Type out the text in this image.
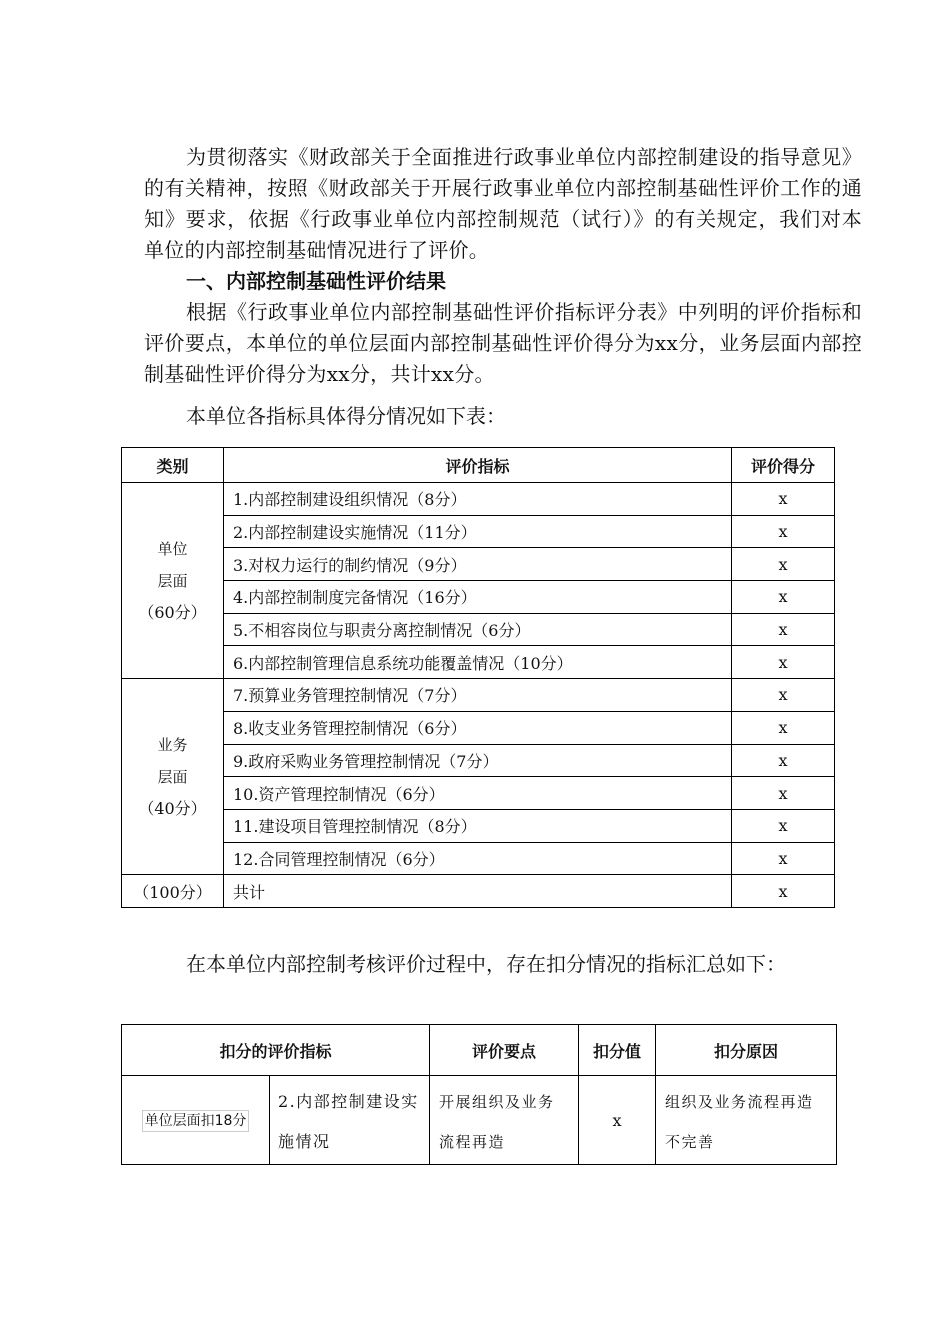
为贯彻落实《财政部关于全面推进行政事业单位内部控制建设的指导意见》的有关精神，按照《财政部关于开展行政事业单位内部控制基础性评价工作的通知》要求，依据《行政事业单位内部控制规范（试行）》的有关规定，我们对本单位的内部控制基础情况进行了评价。

一、内部控制基础性评价结果

根据《行政事业单位内部控制基础性评价指标评分表》中列明的评价指标和评价要点，本单位的单位层面内部控制基础性评价得分为xx分，业务层面内部控制基础性评价得分为xx分，共计xx分。

本单位各指标具体得分情况如下表：

类别	评价指标	评价得分

单位
层面
（60分）	1.内部控制建设组织情况（8分）	x
	2.内部控制建设实施情况（11分）	x
	3.对权力运行的制约情况（9分）	x
	4.内部控制制度完备情况（16分）	x
	5.不相容岗位与职责分离控制情况（6分）	x
	6.内部控制管理信息系统功能覆盖情况（10分）	x

业务
层面
（40分）	7.预算业务管理控制情况（7分）	x
	8.收支业务管理控制情况（6分）	x
	9.政府采购业务管理控制情况（7分）	x
	10.资产管理控制情况（6分）	x
	11.建设项目管理控制情况（8分）	x
	12.合同管理控制情况（6分）	x
（100分）	共计	x

在本单位内部控制考核评价过程中，存在扣分情况的指标汇总如下：

扣分的评价指标		评价要点	扣分值	扣分原因
单位层面扣18分	2.内部控制建设实施情况	开展组织及业务流程再造	x	组织及业务流程再造不完善
